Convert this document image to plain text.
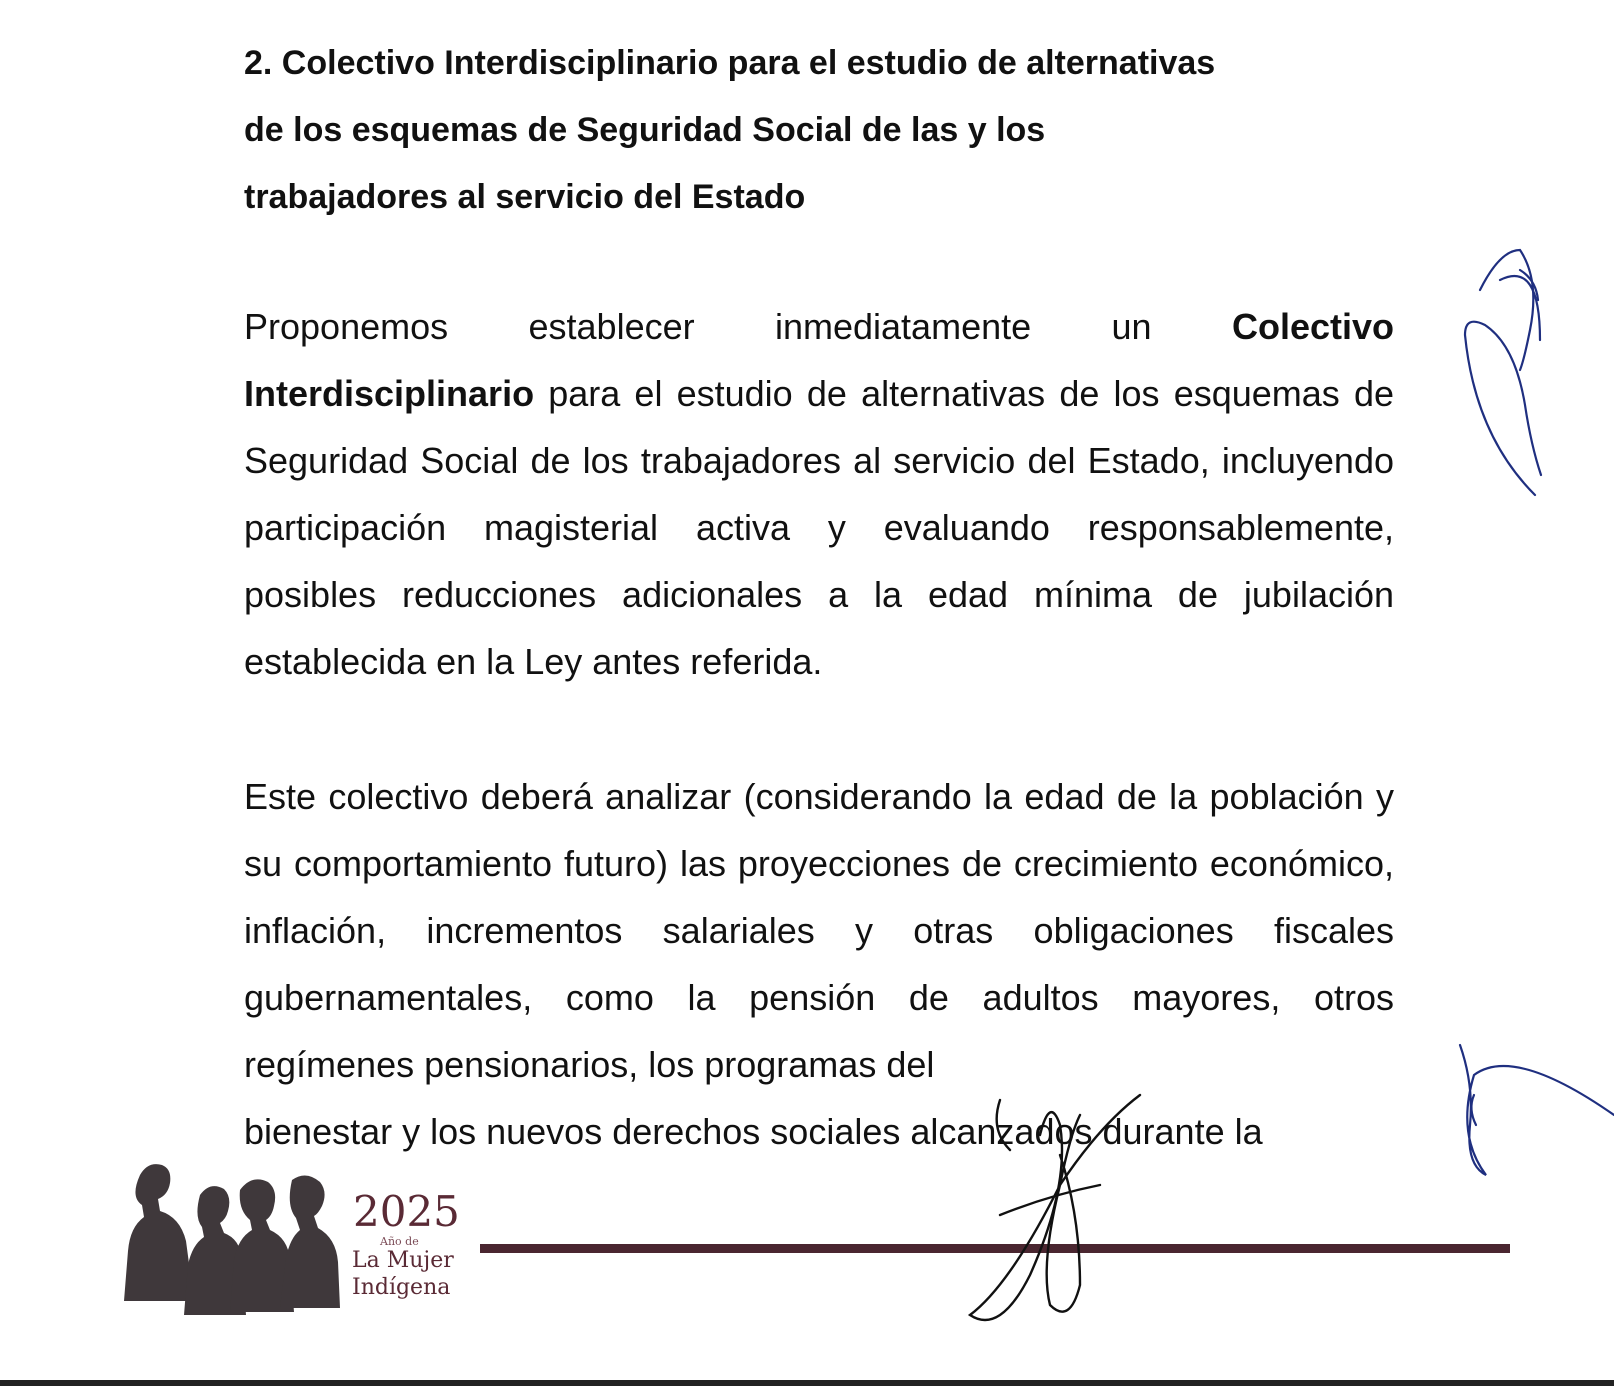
2. Colectivo Interdisciplinario para el estudio de alternativas
de los esquemas de Seguridad Social de las y los
trabajadores al servicio del Estado

Proponemos establecer inmediatamente un Colectivo Interdisciplinario para el estudio de alternativas de los esquemas de Seguridad Social de los trabajadores al servicio del Estado, incluyendo participación magisterial activa y evaluando responsablemente, posibles reducciones adicionales a la edad mínima de jubilación establecida en la Ley antes referida.

Este colectivo deberá analizar (considerando la edad de la población y su comportamiento futuro) las proyecciones de crecimiento económico, inflación, incrementos salariales y otras obligaciones fiscales gubernamentales, como la pensión de adultos mayores, otros regímenes pensionarios, los programas del

bienestar y los nuevos derechos sociales alcanzados durante la

2025
Año de
La Mujer
Indígena
